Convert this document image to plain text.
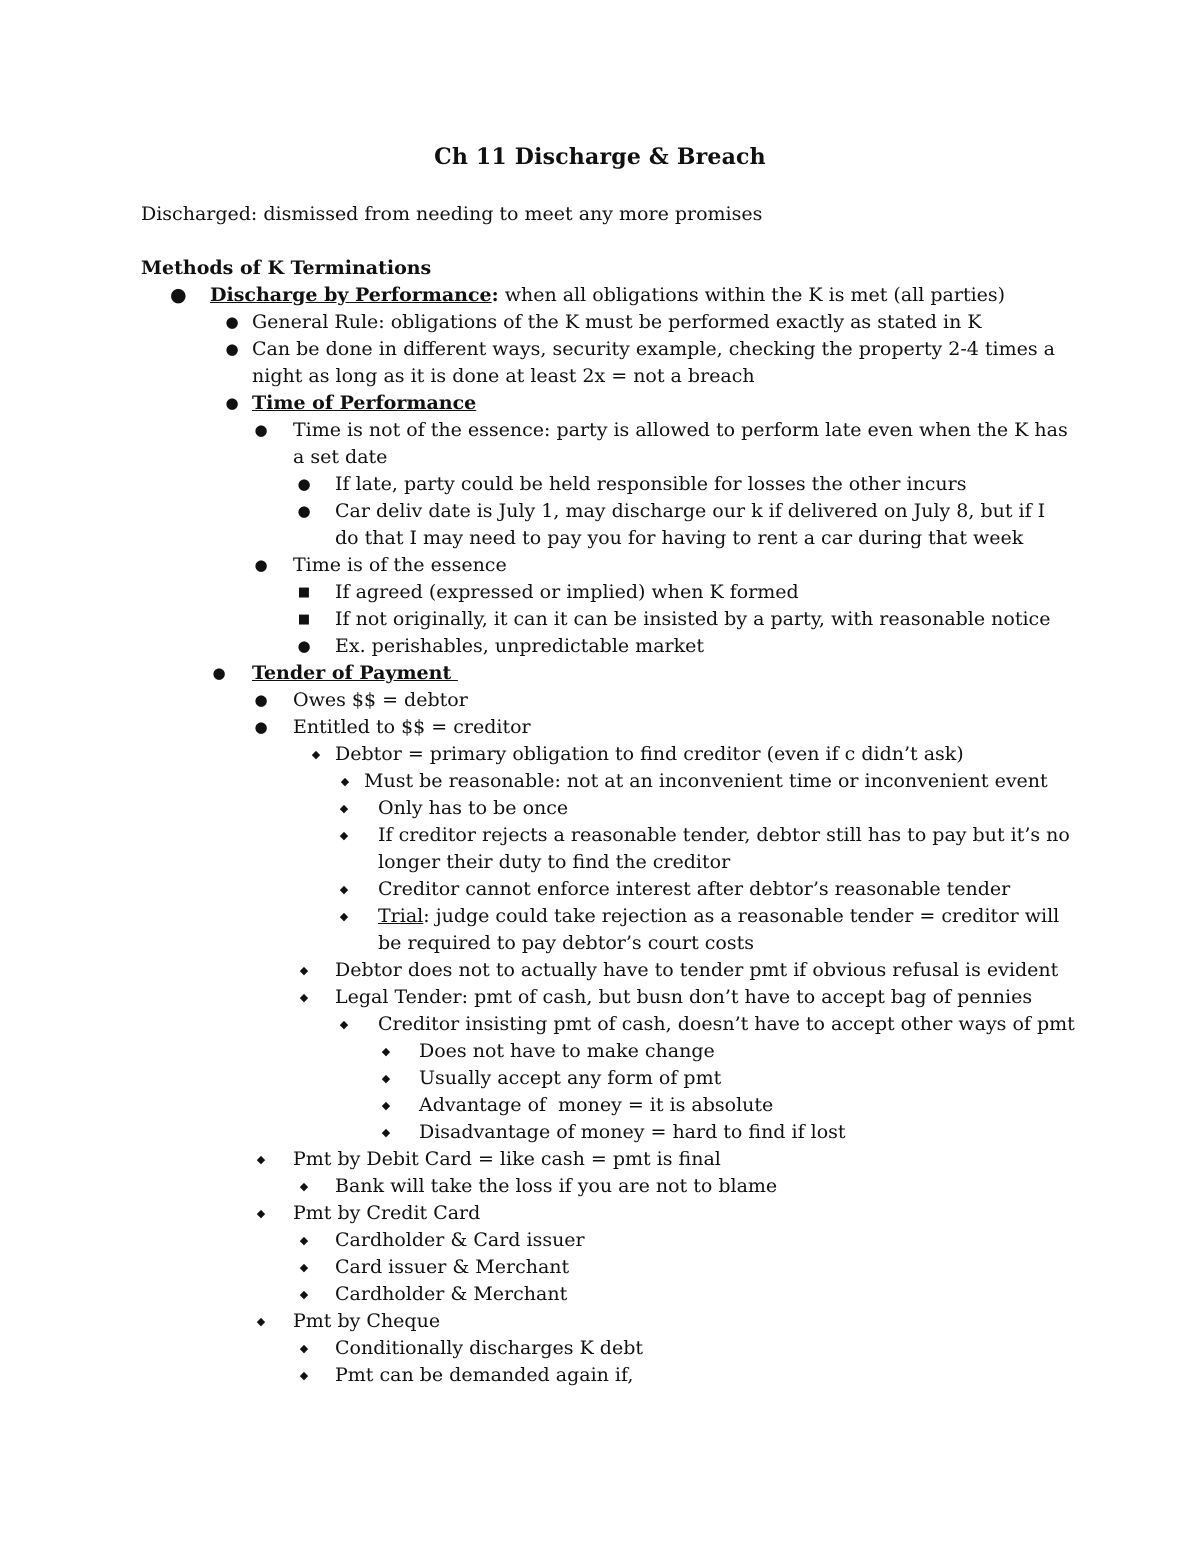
Ch 11 Discharge & Breach
Discharged: dismissed from needing to meet any more promises
Methods of K Terminations
● Discharge by Performance: when all obligations within the K is met (all parties)
● General Rule: obligations of the K must be performed exactly as stated in K
● Can be done in different ways, security example, checking the property 2-4 times a
night as long as it is done at least 2x = not a breach
● Time of Performance
● Time is not of the essence: party is allowed to perform late even when the K has
a set date
● If late, party could be held responsible for losses the other incurs
● Car deliv date is July 1, may discharge our k if delivered on July 8, but if I
do that I may need to pay you for having to rent a car during that week
● Time is of the essence
■ If agreed (expressed or implied) when K formed
■ If not originally, it can it can be insisted by a party, with reasonable notice
● Ex. perishables, unpredictable market
● Tender of Payment
● Owes $$ = debtor
● Entitled to $$ = creditor
◆ Debtor = primary obligation to find creditor (even if c didn’t ask)
◆ Must be reasonable: not at an inconvenient time or inconvenient event
◆ Only has to be once
◆ If creditor rejects a reasonable tender, debtor still has to pay but it’s no
longer their duty to find the creditor
◆ Creditor cannot enforce interest after debtor’s reasonable tender
◆ Trial: judge could take rejection as a reasonable tender = creditor will
be required to pay debtor’s court costs
◆ Debtor does not to actually have to tender pmt if obvious refusal is evident
◆ Legal Tender: pmt of cash, but busn don’t have to accept bag of pennies
◆ Creditor insisting pmt of cash, doesn’t have to accept other ways of pmt
◆ Does not have to make change
◆ Usually accept any form of pmt
◆ Advantage of  money = it is absolute
◆ Disadvantage of money = hard to find if lost
◆ Pmt by Debit Card = like cash = pmt is final
◆ Bank will take the loss if you are not to blame
◆ Pmt by Credit Card
◆ Cardholder & Card issuer
◆ Card issuer & Merchant
◆ Cardholder & Merchant
◆ Pmt by Cheque
◆ Conditionally discharges K debt
◆ Pmt can be demanded again if,
